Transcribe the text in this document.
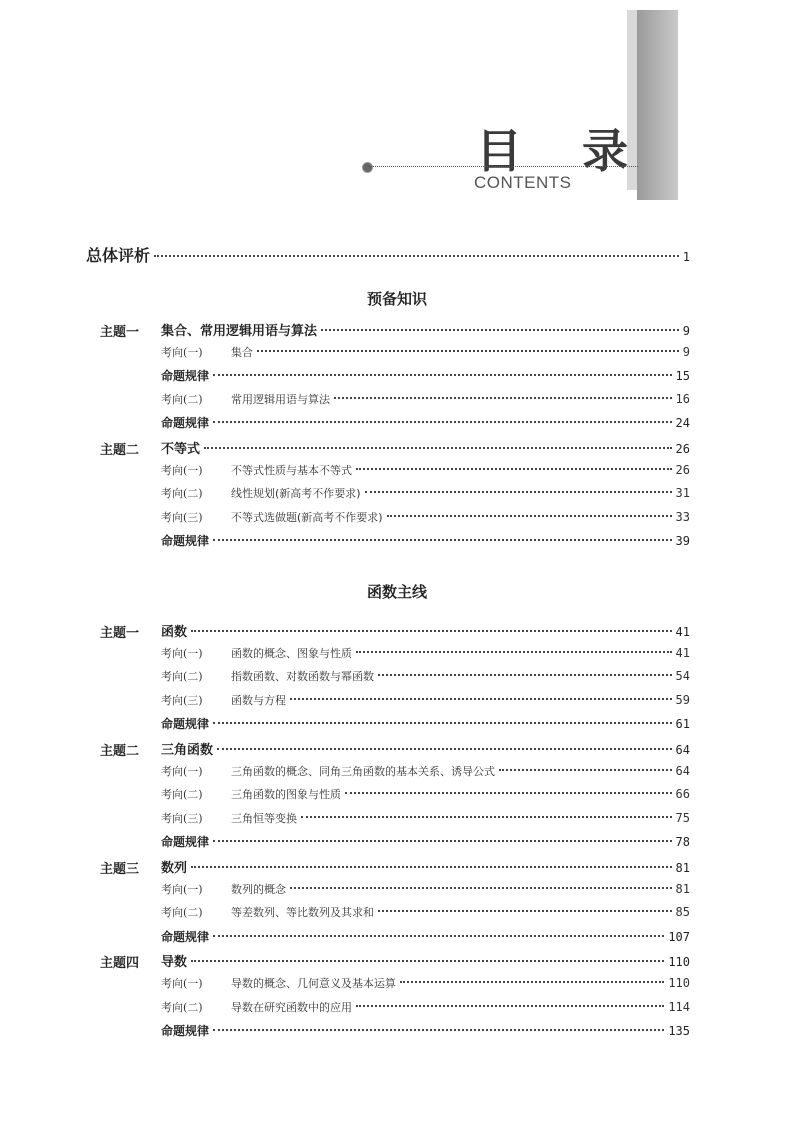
目 录
CONTENTS
总体评析	1
预备知识
主题一 集合、常用逻辑用语与算法	9
考向(一)	集合	9
命题规律	15
考向(二)	常用逻辑用语与算法	16
命题规律	24
主题二 不等式	26
考向(一)	不等式性质与基本不等式	26
考向(二)	线性规划(新高考不作要求)	31
考向(三)	不等式选做题(新高考不作要求)	33
命题规律	39
函数主线
主题一 函数	41
考向(一)	函数的概念、图象与性质	41
考向(二)	指数函数、对数函数与幂函数	54
考向(三)	函数与方程	59
命题规律	61
主题二 三角函数	64
考向(一)	三角函数的概念、同角三角函数的基本关系、诱导公式	64
考向(二)	三角函数的图象与性质	66
考向(三)	三角恒等变换	75
命题规律	78
主题三 数列	81
考向(一)	数列的概念	81
考向(二)	等差数列、等比数列及其求和	85
命题规律	107
主题四 导数	110
考向(一)	导数的概念、几何意义及基本运算	110
考向(二)	导数在研究函数中的应用	114
命题规律	135
